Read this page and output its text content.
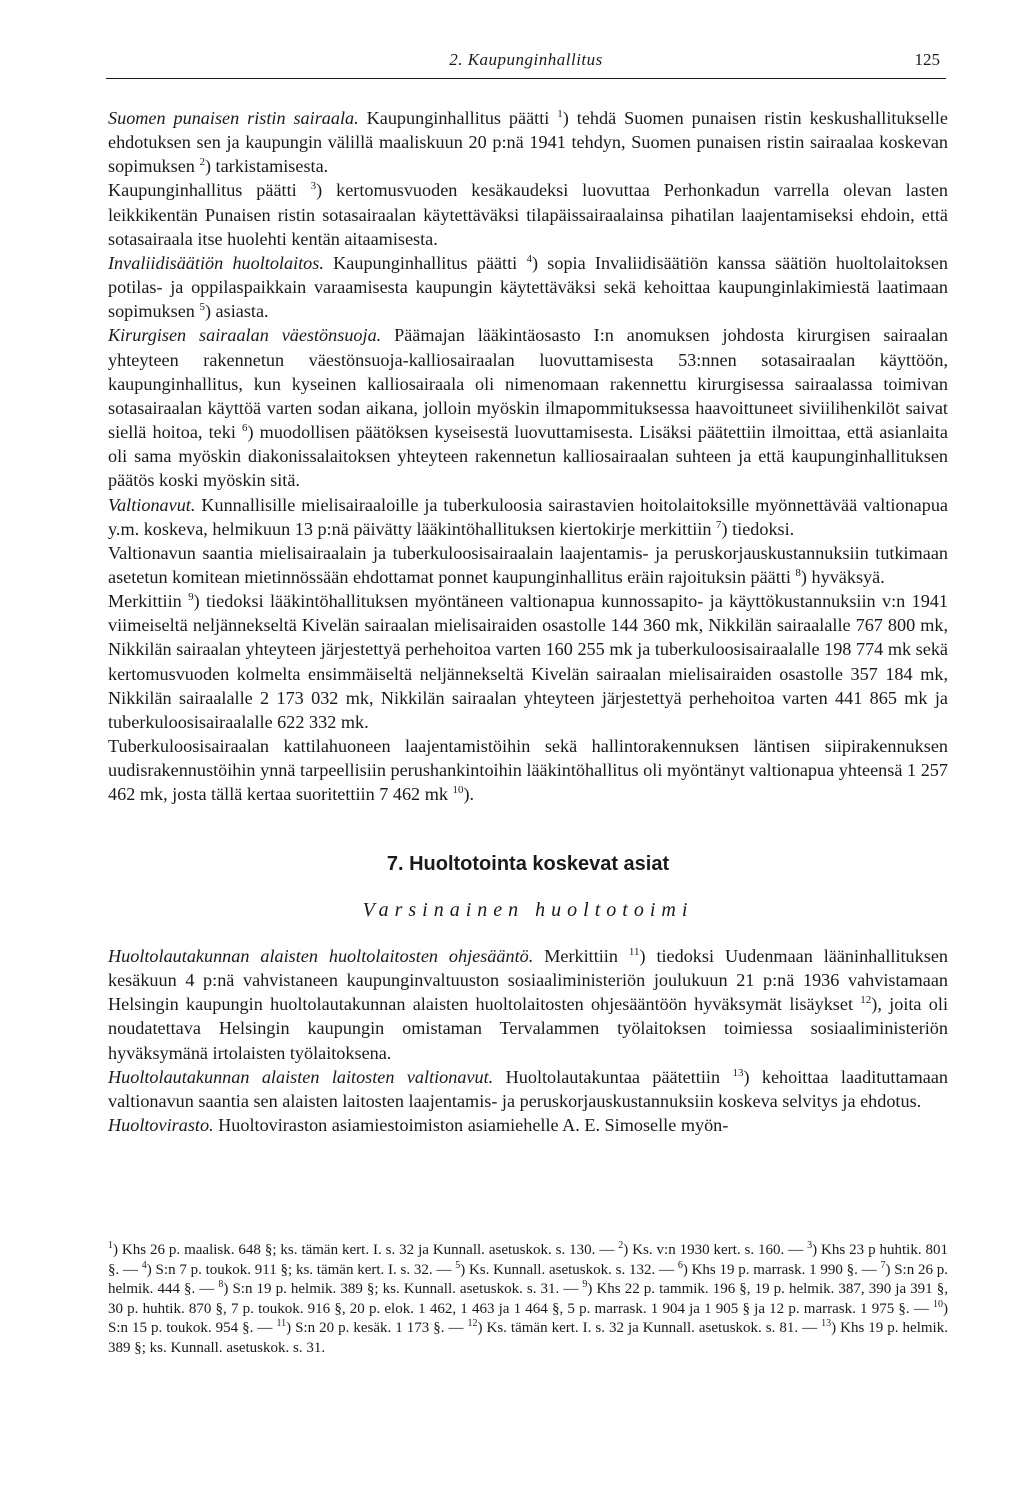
2. Kaupunginhallitus	125

Suomen punaisen ristin sairaala. Kaupunginhallitus päätti $^1$) tehdä Suomen punaisen ristin keskushallitukselle ehdotuksen sen ja kaupungin välillä maaliskuun 20 p:nä 1941 tehdyn, Suomen punaisen ristin sairaalaa koskevan sopimuksen $^2$) tarkistamisesta.

Kaupunginhallitus päätti $^3$) kertomusvuoden kesäkaudeksi luovuttaa Perhonkadun varrella olevan lasten leikkikentän Punaisen ristin sotasairaalan käytettäväksi tilapäissairaalainsa pihatilan laajentamiseksi ehdoin, että sotasairaala itse huolehti kentän aitaamisesta.

Invaliidisäätiön huoltolaitos. Kaupunginhallitus päätti $^4$) sopia Invaliidisäätiön kanssa säätiön huoltolaitoksen potilas- ja oppilaspaikkain varaamisesta kaupungin käytettäväksi sekä kehoittaa kaupunginlakimiestä laatimaan sopimuksen $^5$) asiasta.

Kirurgisen sairaalan väestönsuoja. Päämajan lääkintäosasto I:n anomuksen johdosta kirurgisen sairaalan yhteyteen rakennetun väestönsuoja-kalliosairaalan luovuttamisesta 53:nnen sotasairaalan käyttöön, kaupunginhallitus, kun kyseinen kalliosairaala oli nimenomaan rakennettu kirurgisessa sairaalassa toimivan sotasairaalan käyttöä varten sodan aikana, jolloin myöskin ilmapommituksessa haavoittuneet siviilihenkilöt saivat siellä hoitoa, teki $^6$) muodollisen päätöksen kyseisestä luovuttamisesta. Lisäksi päätettiin ilmoittaa, että asianlaita oli sama myöskin diakonissalaitoksen yhteyteen rakennetun kalliosairaalan suhteen ja että kaupunginhallituksen päätös koski myöskin sitä.

Valtionavut. Kunnallisille mielisairaaloille ja tuberkuloosia sairastavien hoitolaitoksille myönnettävää valtionapua y.m. koskeva, helmikuun 13 p:nä päivätty lääkintöhallituksen kiertokirje merkittiin $^7$) tiedoksi.

Valtionavun saantia mielisairaalain ja tuberkuloosisairaalain laajentamis- ja peruskorjauskustannuksiin tutkimaan asetetun komitean mietinnössään ehdottamat ponnet kaupunginhallitus eräin rajoituksin päätti $^8$) hyväksyä.

Merkittiin $^9$) tiedoksi lääkintöhallituksen myöntäneen valtionapua kunnossapito- ja käyttökustannuksiin v:n 1941 viimeiseltä neljännekseltä Kivelän sairaalan mielisairaiden osastolle 144 360 mk, Nikkilän sairaalalle 767 800 mk, Nikkilän sairaalan yhteyteen järjestettyä perhehoitoa varten 160 255 mk ja tuberkuloosisairaalalle 198 774 mk sekä kertomusvuoden kolmelta ensimmäiseltä neljännekseltä Kivelän sairaalan mielisairaiden osastolle 357 184 mk, Nikkilän sairaalalle 2 173 032 mk, Nikkilän sairaalan yhteyteen järjestettyä perhehoitoa varten 441 865 mk ja tuberkuloosisairaalalle 622 332 mk.

Tuberkuloosisairaalan kattilahuoneen laajentamistöihin sekä hallintorakennuksen läntisen siipirakennuksen uudisrakennustöihin ynnä tarpeellisiin perushankintoihin lääkintöhallitus oli myöntänyt valtionapua yhteensä 1 257 462 mk, josta tällä kertaa suoritettiin 7 462 mk $^{10}$).

7. Huoltotointa koskevat asiat
Varsinainen huoltotoimi

Huoltolautakunnan alaisten huoltolaitosten ohjesääntö. Merkittiin $^{11}$) tiedoksi Uudenmaan lääninhallituksen kesäkuun 4 p:nä vahvistaneen kaupunginvaltuuston sosiaaliministeriön joulukuun 21 p:nä 1936 vahvistamaan Helsingin kaupungin huoltolautakunnan alaisten huoltolaitosten ohjesääntöön hyväksymät lisäykset $^{12}$), joita oli noudatettava Helsingin kaupungin omistaman Tervalammen työlaitoksen toimiessa sosiaaliministeriön hyväksymänä irtolaisten työlaitoksena.

Huoltolautakunnan alaisten laitosten valtionavut. Huoltolautakuntaa päätettiin $^{13}$) kehoittaa laadituttamaan valtionavun saantia sen alaisten laitosten laajentamis- ja peruskorjauskustannuksiin koskeva selvitys ja ehdotus.

Huoltovirasto. Huoltoviraston asiamiestoimiston asiamiehelle A. E. Simoselle myön-

$^1$) Khs 26 p. maalisk. 648 §; ks. tämän kert. I. s. 32 ja Kunnall. asetuskok. s. 130. — $^2$) Ks. v:n 1930 kert. s. 160. — $^3$) Khs 23 p huhtik. 801 §. — $^4$) S:n 7 p. toukok. 911 §; ks. tämän kert. I. s. 32. — $^5$) Ks. Kunnall. asetuskok. s. 132. — $^6$) Khs 19 p. marrask. 1 990 §. — $^7$) S:n 26 p. helmik. 444 §. — $^8$) S:n 19 p. helmik. 389 §; ks. Kunnall. asetuskok. s. 31. — $^9$) Khs 22 p. tammik. 196 §, 19 p. helmik. 387, 390 ja 391 §, 30 p. huhtik. 870 §, 7 p. toukok. 916 §, 20 p. elok. 1 462, 1 463 ja 1 464 §, 5 p. marrask. 1 904 ja 1 905 § ja 12 p. marrask. 1 975 §. — $^{10}$) S:n 15 p. toukok. 954 §. — $^{11}$) S:n 20 p. kesäk. 1 173 §. — $^{12}$) Ks. tämän kert. I. s. 32 ja Kunnall. asetuskok. s. 81. — $^{13}$) Khs 19 p. helmik. 389 §; ks. Kunnall. asetuskok. s. 31.
